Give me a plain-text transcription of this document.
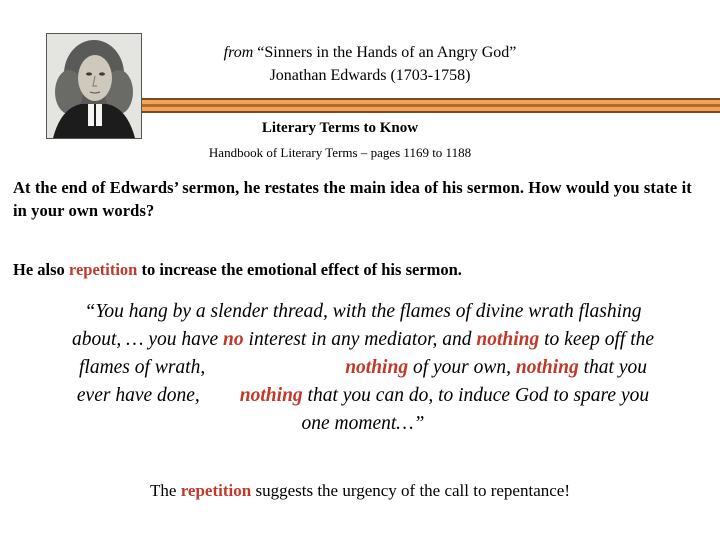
from “Sinners in the Hands of an Angry God”
Jonathan Edwards (1703-1758)
Literary Terms to Know
Handbook of Literary Terms – pages 1169 to 1188
At the end of Edwards’ sermon, he restates the main idea of his sermon. How would you state it in your own words?
He also repetition to increase the emotional effect of his sermon.
“You hang by a slender thread, with the flames of divine wrath flashing
about, … you have no interest in any mediator, and nothing to keep off the
flames of wrath,	nothing of your own, nothing that you
ever have done, nothing that you can do, to induce God to spare you
one moment…”
The repetition suggests the urgency of the call to repentance!
